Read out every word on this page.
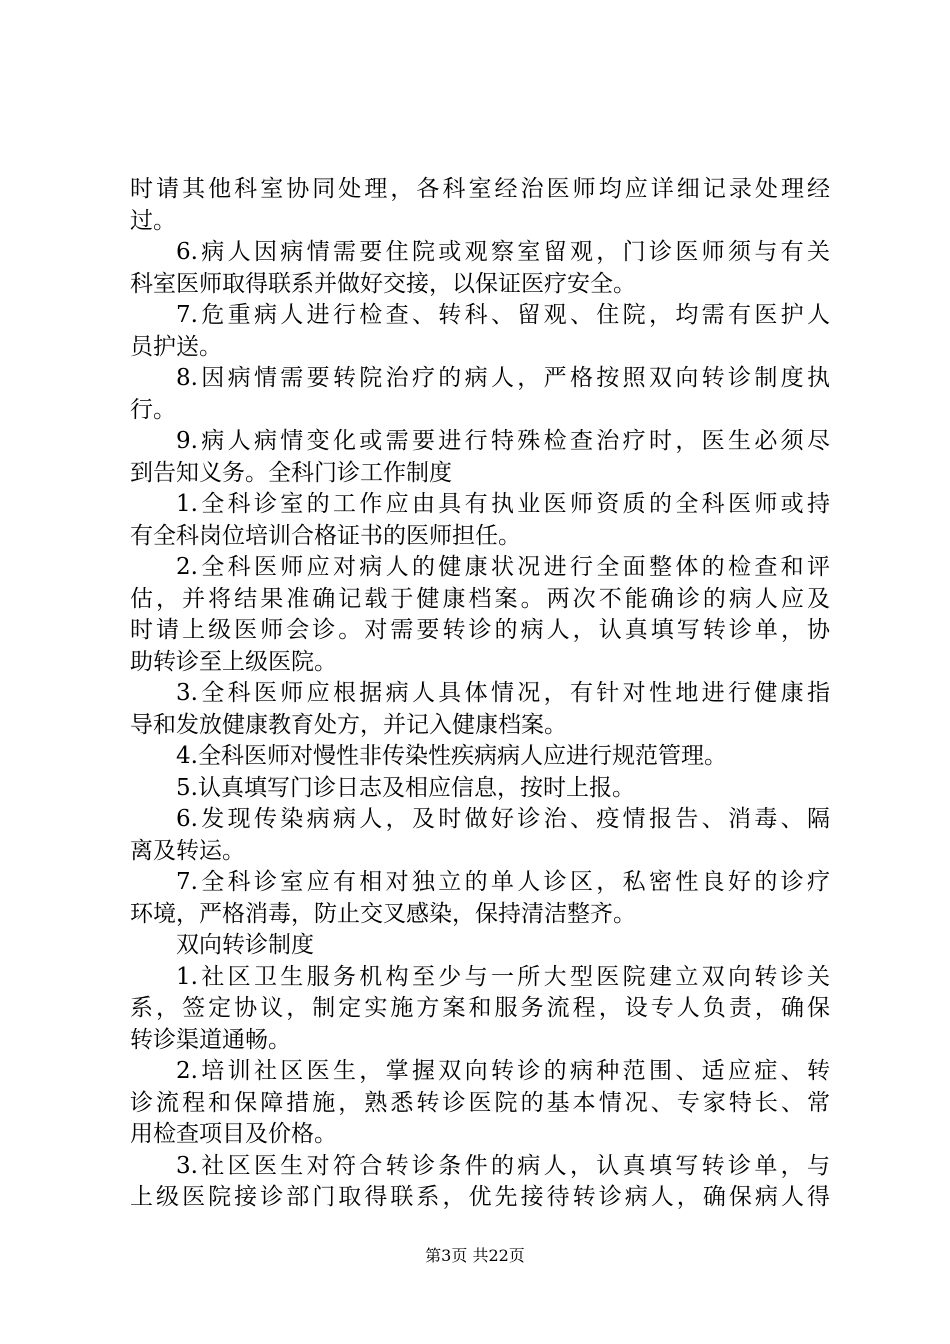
时请其他科室协同处理，各科室经治医师均应详细记录处理经
过。
6.病人因病情需要住院或观察室留观，门诊医师须与有关
科室医师取得联系并做好交接，以保证医疗安全。
7.危重病人进行检查、转科、留观、住院，均需有医护人
员护送。
8.因病情需要转院治疗的病人，严格按照双向转诊制度执
行。
9.病人病情变化或需要进行特殊检查治疗时，医生必须尽
到告知义务。全科门诊工作制度
1.全科诊室的工作应由具有执业医师资质的全科医师或持
有全科岗位培训合格证书的医师担任。
2.全科医师应对病人的健康状况进行全面整体的检查和评
估，并将结果准确记载于健康档案。两次不能确诊的病人应及
时请上级医师会诊。对需要转诊的病人，认真填写转诊单，协
助转诊至上级医院。
3.全科医师应根据病人具体情况，有针对性地进行健康指
导和发放健康教育处方，并记入健康档案。
4.全科医师对慢性非传染性疾病病人应进行规范管理。
5.认真填写门诊日志及相应信息，按时上报。
6.发现传染病病人，及时做好诊治、疫情报告、消毒、隔
离及转运。
7.全科诊室应有相对独立的单人诊区，私密性良好的诊疗
环境，严格消毒，防止交叉感染，保持清洁整齐。
双向转诊制度
1.社区卫生服务机构至少与一所大型医院建立双向转诊关
系，签定协议，制定实施方案和服务流程，设专人负责，确保
转诊渠道通畅。
2.培训社区医生，掌握双向转诊的病种范围、适应症、转
诊流程和保障措施，熟悉转诊医院的基本情况、专家特长、常
用检查项目及价格。
3.社区医生对符合转诊条件的病人，认真填写转诊单，与
上级医院接诊部门取得联系，优先接待转诊病人，确保病人得
第3页 共22页
